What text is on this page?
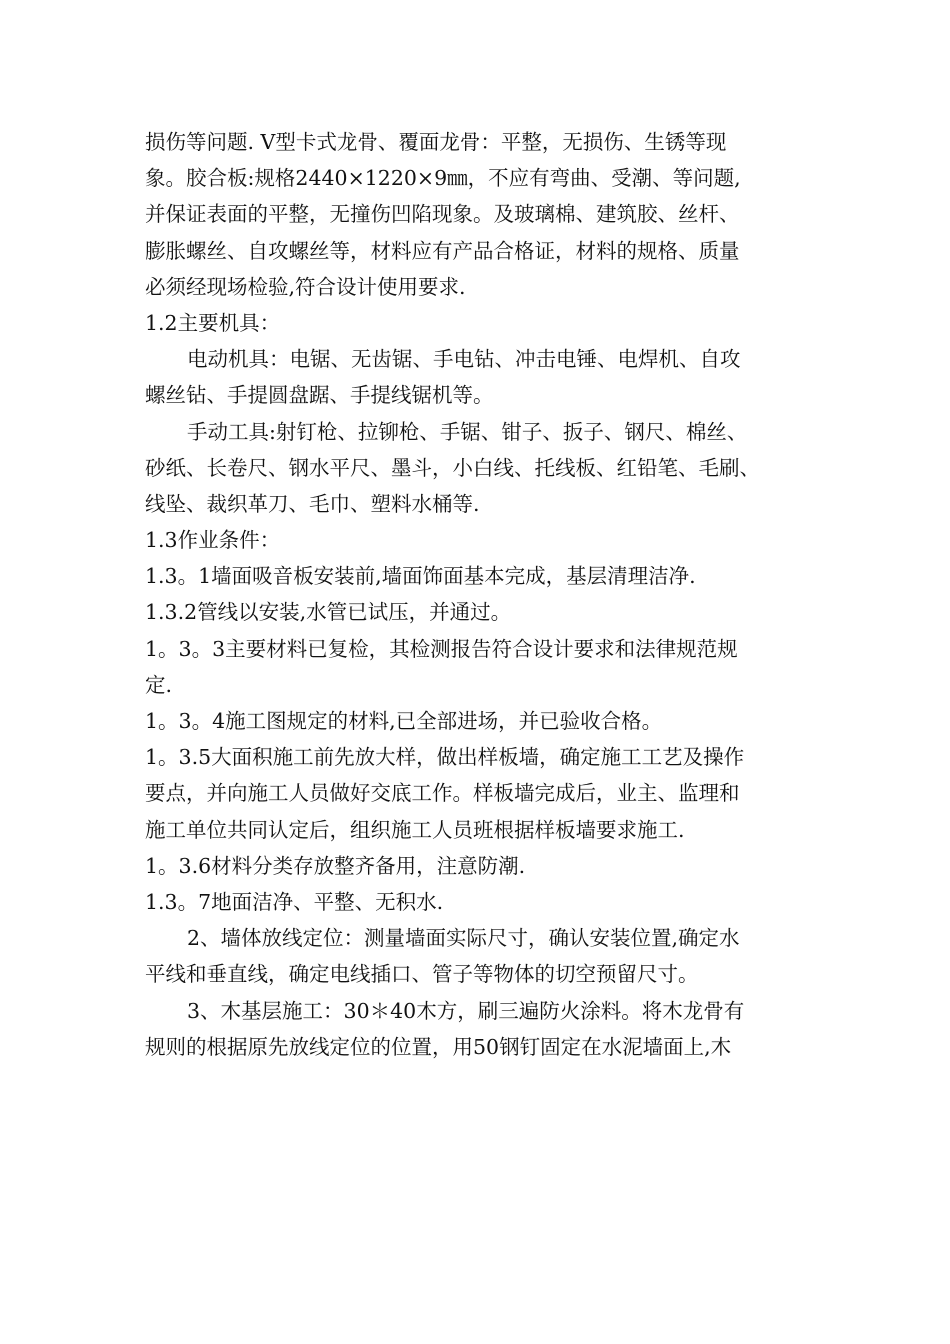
损伤等问题. V型卡式龙骨、覆面龙骨：平整，无损伤、生锈等现
象。胶合板:规格2440×1220×9㎜，不应有弯曲、受潮、等问题,
并保证表面的平整，无撞伤凹陷现象。及玻璃棉、建筑胶、丝杆、
膨胀螺丝、自攻螺丝等，材料应有产品合格证，材料的规格、质量
必须经现场检验,符合设计使用要求.
1.2主要机具：
电动机具：电锯、无齿锯、手电钻、冲击电锤、电焊机、自攻
螺丝钻、手提圆盘踞、手提线锯机等。
手动工具:射钉枪、拉铆枪、手锯、钳子、扳子、钢尺、棉丝、
砂纸、长卷尺、钢水平尺、墨斗，小白线、托线板、红铅笔、毛刷、
线坠、裁织革刀、毛巾、塑料水桶等.
1.3作业条件：
1.3。1墙面吸音板安装前,墙面饰面基本完成，基层清理洁净.
1.3.2管线以安装,水管已试压，并通过。
1。3。3主要材料已复检，其检测报告符合设计要求和法律规范规
定.
1。3。4施工图规定的材料,已全部进场，并已验收合格。
1。3.5大面积施工前先放大样，做出样板墙，确定施工工艺及操作
要点，并向施工人员做好交底工作。样板墙完成后，业主、监理和
施工单位共同认定后，组织施工人员班根据样板墙要求施工.
1。3.6材料分类存放整齐备用，注意防潮.
1.3。7地面洁净、平整、无积水.
2、墙体放线定位：测量墙面实际尺寸，确认安装位置,确定水
平线和垂直线，确定电线插口、管子等物体的切空预留尺寸。
3、木基层施工：30＊40木方，刷三遍防火涂料。将木龙骨有
规则的根据原先放线定位的位置，用50钢钉固定在水泥墙面上,木
